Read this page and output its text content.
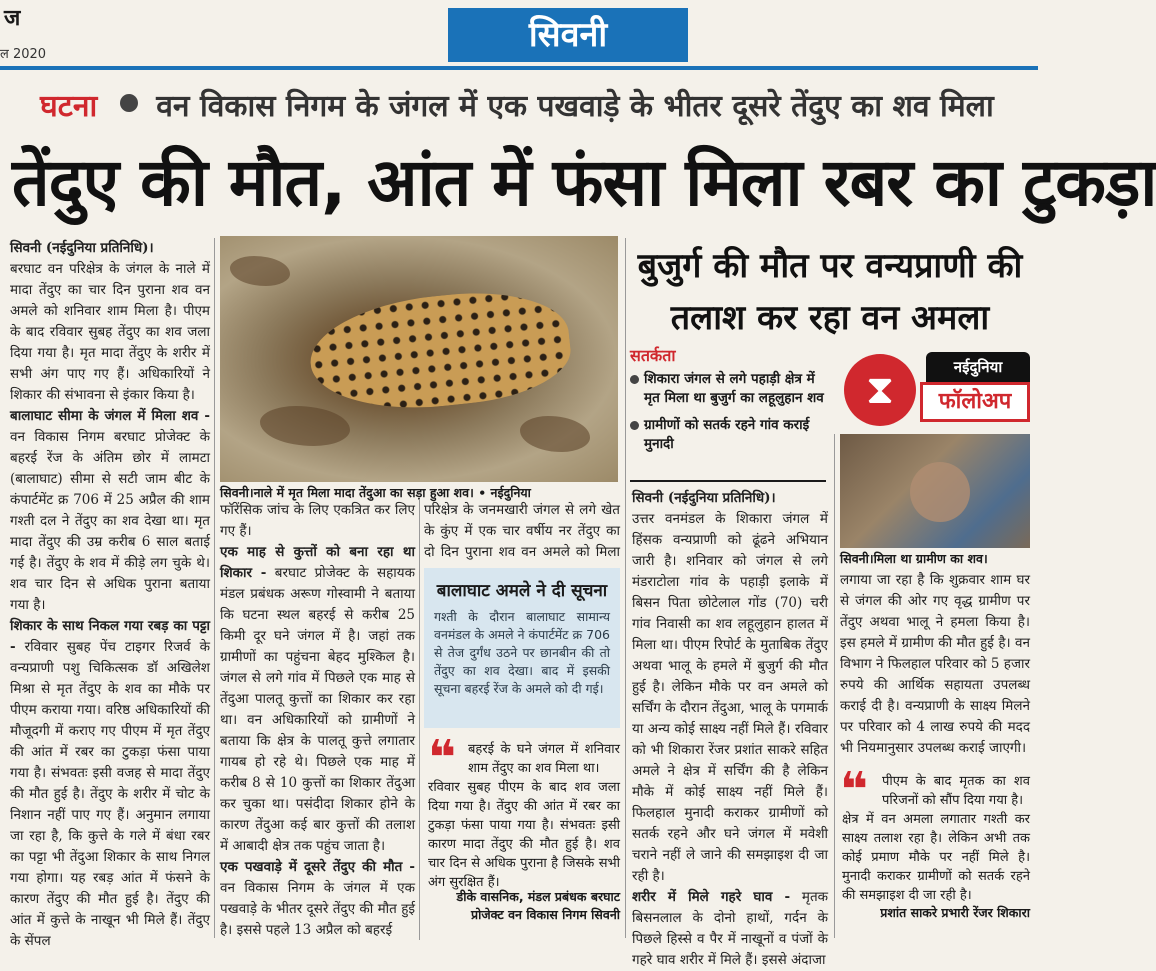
ज
ल 2020	सिवनी
घटना वन विकास निगम के जंगल में एक पखवाड़े के भीतर दूसरे तेंदुए का शव मिला
तेंदुए की मौत, आंत में फंसा मिला रबर का टुकड़ा

सिवनी (नईदुनिया प्रतिनिधि)।

बरघाट वन परिक्षेत्र के जंगल के नाले में मादा तेंदुए का चार दिन पुराना शव वन अमले को शनिवार शाम मिला है। पीएम के बाद रविवार सुबह तेंदुए का शव जला दिया गया है। मृत मादा तेंदुए के शरीर में सभी अंग पाए गए हैं। अधिकारियों ने शिकार की संभावना से इंकार किया है।

बालाघाट सीमा के जंगल में मिला शव - वन विकास निगम बरघाट प्रोजेक्ट के बहरई रेंज के अंतिम छोर में लामटा (बालाघाट) सीमा से सटी जाम बीट के कंपार्टमेंट क्र 706 में 25 अप्रैल की शाम गश्ती दल ने तेंदुए का शव देखा था। मृत मादा तेंदुए की उम्र करीब 6 साल बताई गई है। तेंदुए के शव में कीड़े लग चुके थे। शव चार दिन से अधिक पुराना बताया गया है।

शिकार के साथ निकल गया रबड़ का पट्टा - रविवार सुबह पेंच टाइगर रिजर्व के वन्यप्राणी पशु चिकित्सक डॉ अखिलेश मिश्रा से मृत तेंदुए के शव का मौके पर पीएम कराया गया। वरिष्ठ अधिकारियों की मौजूदगी में कराए गए पीएम में मृत तेंदुए की आंत में रबर का टुकड़ा फंसा पाया गया है। संभवतः इसी वजह से मादा तेंदुए की मौत हुई है। तेंदुए के शरीर में चोट के निशान नहीं पाए गए हैं। अनुमान लगाया जा रहा है, कि कुत्ते के गले में बंधा रबर का पट्टा भी तेंदुआ शिकार के साथ निगल गया होगा। यह रबड़ आंत में फंसने के कारण तेंदुए की मौत हुई है। तेंदुए की आंत में कुत्ते के नाखून भी मिले हैं। तेंदुए के सेंपल

सिवनी।नाले में मृत मिला मादा तेंदुआ का सड़ा हुआ शव। • नईदुनिया

फॉरेंसिक जांच के लिए एकत्रित कर लिए गए हैं।

एक माह से कुत्तों को बना रहा था शिकार - बरघाट प्रोजेक्ट के सहायक मंडल प्रबंधक अरूण गोस्वामी ने बताया कि घटना स्थल बहरई से करीब 25 किमी दूर घने जंगल में है। जहां तक ग्रामीणों का पहुंचना बेहद मुश्किल है। जंगल से लगे गांव में पिछले एक माह से तेंदुआ पालतू कुत्तों का शिकार कर रहा था। वन अधिकारियों को ग्रामीणों ने बताया कि क्षेत्र के पालतू कुत्ते लगातार गायब हो रहे थे। पिछले एक माह में करीब 8 से 10 कुत्तों का शिकार तेंदुआ कर चुका था। पसंदीदा शिकार होने के कारण तेंदुआ कई बार कुत्तों की तलाश में आबादी क्षेत्र तक पहुंच जाता है।

एक पखवाड़े में दूसरे तेंदुए की मौत - वन विकास निगम के जंगल में एक पखवाड़े के भीतर दूसरे तेंदुए की मौत हुई है। इससे पहले 13 अप्रैल को बहरई

परिक्षेत्र के जनमखारी जंगल से लगे खेत के कुंए में एक चार वर्षीय नर तेंदुए का दो दिन पुराना शव वन अमले को मिला
बालाघाट अमले ने दी सूचना
गश्ती के दौरान बालाघाट सामान्य वनमंडल के अमले ने कंपार्टमेंट क्र 706 से तेज दुर्गंध उठने पर छानबीन की तो तेंदुए का शव देखा। बाद में इसकी सूचना बहरई रेंज के अमले को दी गई।
❝ बहरई के घने जंगल में शनिवार शाम तेंदुए का शव मिला था।
रविवार सुबह पीएम के बाद शव जला दिया गया है। तेंदुए की आंत में रबर का टुकड़ा फंसा पाया गया है। संभवतः इसी कारण मादा तेंदुए की मौत हुई है। शव चार दिन से अधिक पुराना है जिसके सभी अंग सुरक्षित हैं।
डीके वासनिक, मंडल प्रबंधक बरघाट प्रोजेक्ट वन विकास निगम सिवनी
बुजुर्ग की मौत पर वन्यप्राणी की तलाश कर रहा वन अमला
सतर्कता
शिकारा जंगल से लगे पहाड़ी क्षेत्र में मृत मिला था बुजुर्ग का लहूलुहान शव
ग्रामीणों को सतर्क रहने गांव कराई मुनादी
⧗	नईदुनिया
फॉलोअप

सिवनी (नईदुनिया प्रतिनिधि)।

उत्तर वनमंडल के शिकारा जंगल में हिंसक वन्यप्राणी को ढूंढने अभियान जारी है। शनिवार को जंगल से लगे मंडराटोला गांव के पहाड़ी इलाके में बिसन पिता छोटेलाल गोंड (70) चरी गांव निवासी का शव लहूलुहान हालत में मिला था। पीएम रिपोर्ट के मुताबिक तेंदुए अथवा भालू के हमले में बुजुर्ग की मौत हुई है। लेकिन मौके पर वन अमले को सर्चिंग के दौरान तेंदुआ, भालू के पगमार्क या अन्य कोई साक्ष्य नहीं मिले हैं। रविवार को भी शिकारा रेंजर प्रशांत साकरे सहित अमले ने क्षेत्र में सर्चिंग की है लेकिन मौके में कोई साक्ष्य नहीं मिले हैं। फिलहाल मुनादी कराकर ग्रामीणों को सतर्क रहने और घने जंगल में मवेशी चराने नहीं ले जाने की समझाइश दी जा रही है।

शरीर में मिले गहरे घाव - मृतक बिसनलाल के दोनो हाथों, गर्दन के पिछले हिस्से व पैर में नाखूनों व पंजों के गहरे घाव शरीर में मिले हैं। इससे अंदाजा

सिवनी।मिला था ग्रामीण का शव।
लगाया जा रहा है कि शुक्रवार शाम घर से जंगल की ओर गए वृद्ध ग्रामीण पर तेंदुए अथवा भालू ने हमला किया है। इस हमले में ग्रामीण की मौत हुई है। वन विभाग ने फिलहाल परिवार को 5 हजार रुपये की आर्थिक सहायता उपलब्ध कराई दी है। वन्यप्राणी के साक्ष्य मिलने पर परिवार को 4 लाख रुपये की मदद भी नियमानुसार उपलब्ध कराई जाएगी।
❝	पीएम के बाद मृतक का शव परिजनों को सौंप दिया गया है।
क्षेत्र में वन अमला लगातार गश्ती कर साक्ष्य तलाश रहा है। लेकिन अभी तक कोई प्रमाण मौके पर नहीं मिले है। मुनादी कराकर ग्रामीणों को सतर्क रहने की समझाइश दी जा रही है।
प्रशांत साकरे प्रभारी रेंजर शिकारा
